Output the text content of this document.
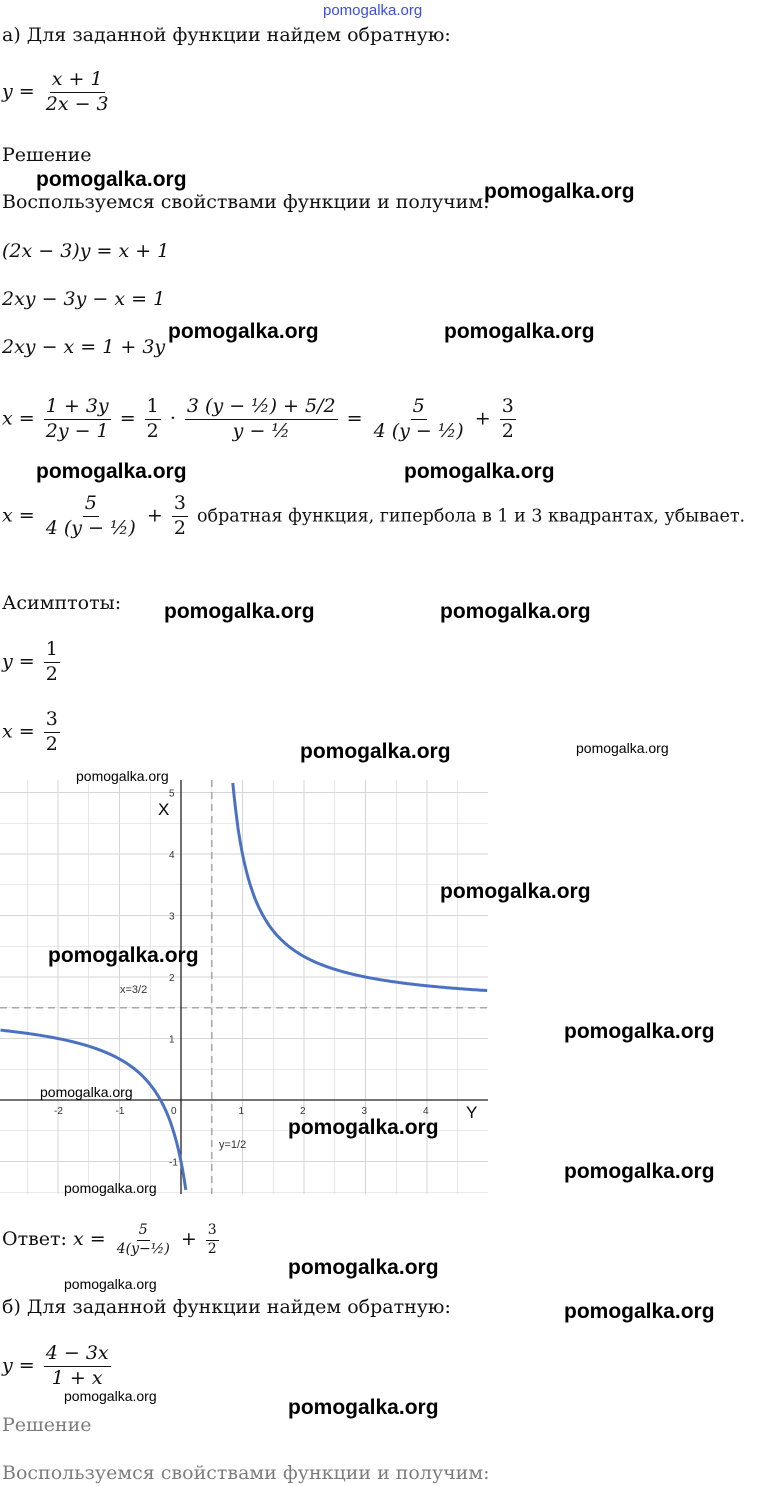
pomogalka.org
а) Для заданной функции найдем обратную:
$y = \frac{x + 1}{2x - 3}$
Решение
Воспользуемся свойствами функции и получим:
(2x − 3)y = x + 1
2xy − 3y − x = 1
2xy − x = 1 + 3y
$x = \frac{1 + 3y}{2y - 1} = \frac{1}{2} \cdot \frac{\text{3 (y − ½) + 5/2}}{\text{y − ½}} = \frac{5}{\text{4 (y − ½)}} + \frac{3}{2}$
$x = \frac{5}{\text{4 (y − ½)}} + \frac{3}{2}$ обратная функция, гипербола в 1 и 3 квадрантах, убывает.
Асимптоты:
$y = \frac{1}{2}$
$x = \frac{3}{2}$
-2	-1	0	1	2	3	4
5
4
3
2
1
-1
X
Y
x=3/2
y=1/2
Ответ: $x = \frac{5}{\text{4(y−½)}} + \frac{3}{2}$
б) Для заданной функции найдем обратную:
$y = \frac{4 - 3x}{1 + x}$
Решение
Воспользуемся свойствами функции и получим:
pomogalka.org
pomogalka.org
pomogalka.org	pomogalka.org
pomogalka.org	pomogalka.org
pomogalka.org	pomogalka.org
pomogalka.org	pomogalka.org
pomogalka.org
pomogalka.org
pomogalka.org
pomogalka.org
pomogalka.org
pomogalka.org
pomogalka.org
pomogalka.org
pomogalka.org
pomogalka.org
pomogalka.org
pomogalka.org	pomogalka.org
